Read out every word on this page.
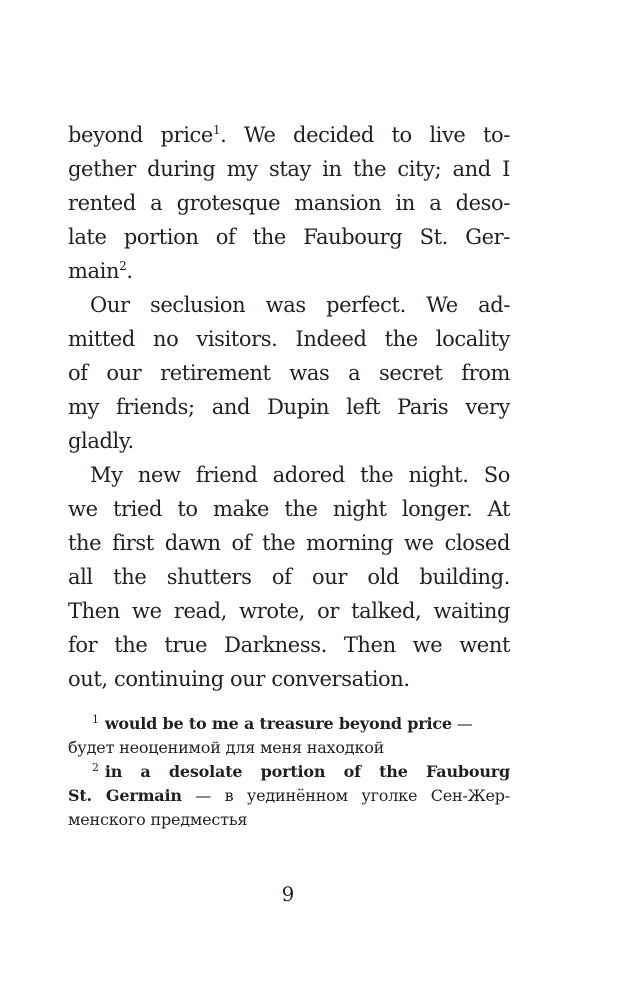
beyond price$^1$. We decided to live to-
gether during my stay in the city; and I
rented a grotesque mansion in a deso-
late portion of the Faubourg St. Ger-
main$^2$.
Our seclusion was perfect. We ad-
mitted no visitors. Indeed the locality
of our retirement was a secret from
my friends; and Dupin left Paris very
gladly.
My new friend adored the night. So
we tried to make the night longer. At
the first dawn of the morning we closed
all the shutters of our old building.
Then we read, wrote, or talked, waiting
for the true Darkness. Then we went
out, continuing our conversation.
$^1$ would be to me a treasure beyond price —
будет неоценимой для меня находкой
$^2$ in a desolate portion of the Faubourg
St. Germain — в уединённом уголке Сен-Жер-
менского предместья
9
